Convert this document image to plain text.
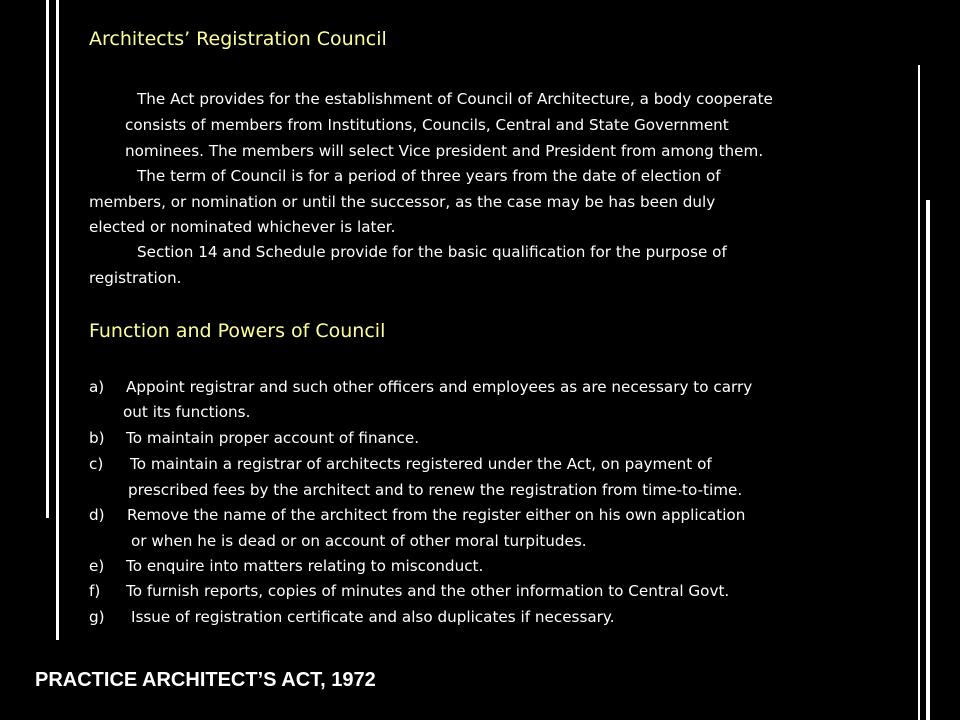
Architects’ Registration Council

The Act provides for the establishment of Council of Architecture, a body cooperate

consists of members from Institutions, Councils, Central and State Government

nominees. The members will select Vice president and President from among them.

The term of Council is for a period of three years from the date of election of

members, or nomination or until the successor, as the case may be has been duly

elected or nominated whichever is later.

Section 14 and Schedule provide for the basic qualification for the purpose of

registration.

Function and Powers of Council
a) Appoint registrar and such other officers and employees as are necessary to carry
out its functions.
b) To maintain proper account of finance.
c) To maintain a registrar of architects registered under the Act, on payment of
prescribed fees by the architect and to renew the registration from time-to-time.
d) Remove the name of the architect from the register either on his own application
or when he is dead or on account of other moral turpitudes.
e) To enquire into matters relating to misconduct.
f) To furnish reports, copies of minutes and the other information to Central Govt.
g) Issue of registration certificate and also duplicates if necessary.

PRACTICE ARCHITECT’S ACT, 1972
